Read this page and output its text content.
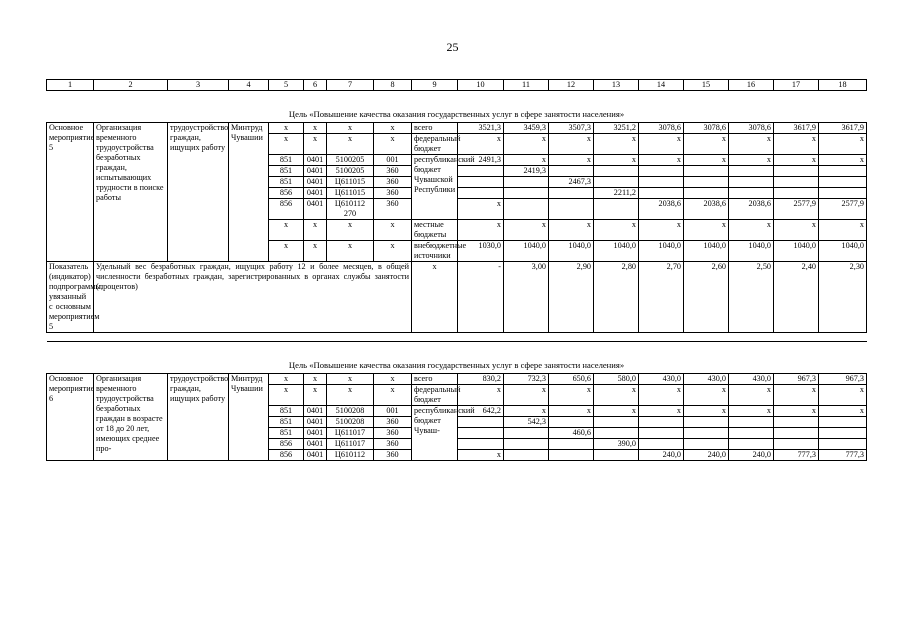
25
1	2	3	4	5	6	7	8	9	10	11	12	13	14	15	16	17	18
Цель «Повышение качества оказания государственных услуг в сфере занятости населения»																	
Основное мероприятие 5	Организация временного трудоустройства безработных граждан, испытывающих трудности в поиске работы	трудоустройство граждан, ищущих работу	Минтруд Чувашии	x	x	x	x	всего	3521,3	3459,3	3507,3	3251,2	3078,6	3078,6	3078,6	3617,9	3617,9
				x	x	x	x	федеральный бюджет	x	x	x	x	x	x	x	x	x
				851	0401	5100205	001	республиканский бюджет Чувашской Республики	2491,3	x	x	x	x	x	x	x	x
				851	0401	5100205	360			2419,3							
				851	0401	Ц611015	360				2467,3						
				856	0401	Ц611015	360					2211,2					
				856	0401	Ц610112 270	360		x				2038,6	2038,6	2038,6	2577,9	2577,9
				x	x	x	x	местные бюджеты	x	x	x	x	x	x	x	x	x
				x	x	x	x	внебюджетные источники	1030,0	1040,0	1040,0	1040,0	1040,0	1040,0	1040,0	1040,0	1040,0
Показатель (индикатор) подпрограммы, увязанный с основным мероприятием 5	Удельный вес безработных граждан, ищущих работу 12 и более месяцев, в общей численности безработных граждан, зарегистрированных в органах службы занятости (процентов)							x	-	3,00	2,90	2,80	2,70	2,60	2,50	2,40	2,30

Цель «Повышение качества оказания государственных услуг в сфере занятости населения»																	
Основное мероприятие 6	Организация временного трудоустройства безработных граждан в возрасте от 18 до 20 лет, имеющих среднее про-	трудоустройство граждан, ищущих работу	Минтруд Чувашии	x	x	x	x	всего	830,2	732,3	650,6	580,0	430,0	430,0	430,0	967,3	967,3
				x	x	x	x	федеральный бюджет	x	x	x	x	x	x	x	x	x
				851	0401	5100208	001	республиканский бюджет Чуваш-	642,2	x	x	x	x	x	x	x	x
				851	0401	5100208	360			542,3							
				851	0401	Ц611017	360				460,6						
				856	0401	Ц611017	360					390,0					
				856	0401	Ц610112	360		x				240,0	240,0	240,0	777,3	777,3
